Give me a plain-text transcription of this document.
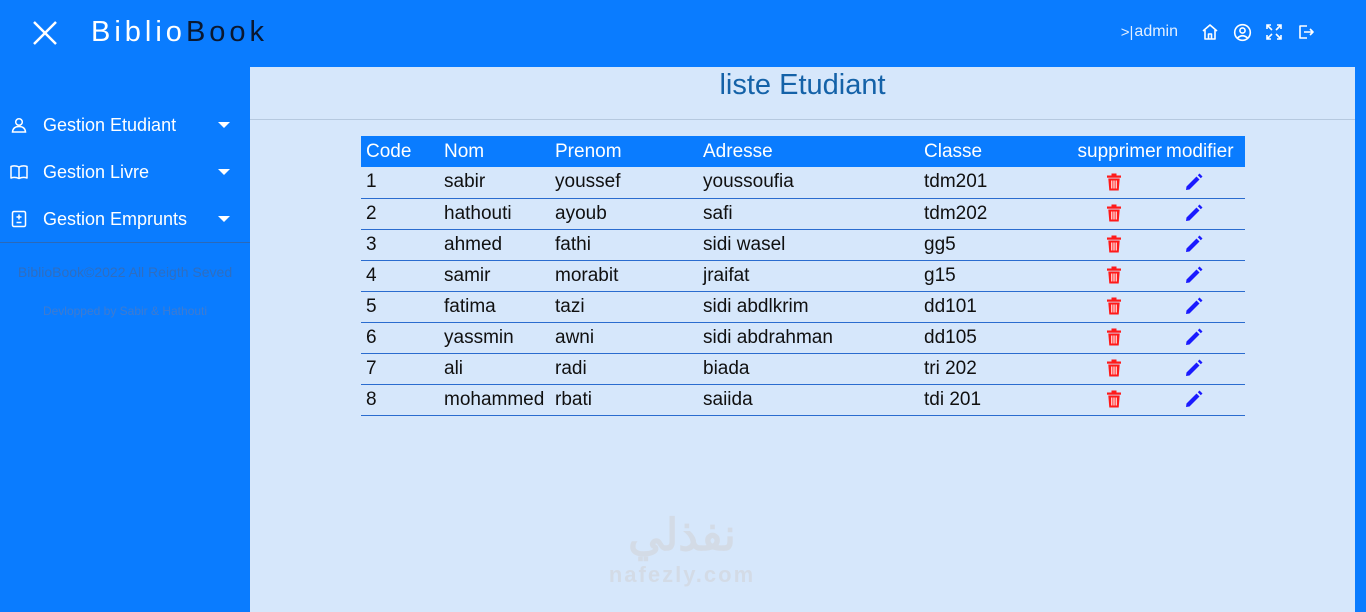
BiblioBook	>| admin
Gestion Etudiant
Gestion Livre
Gestion Emprunts
BiblioBook©2022 All Reigth Seved
Devlopped by Sabir & Hathouti
liste Etudiant
Code	Nom	Prenom	Adresse	Classe	supprimer	modifier
1	sabir	youssef	youssoufia	tdm201		
2	hathouti	ayoub	safi	tdm202		
3	ahmed	fathi	sidi wasel	gg5		
4	samir	morabit	jraifat	g15		
5	fatima	tazi	sidi abdlkrim	dd101		
6	yassmin	awni	sidi abdrahman	dd105		
7	ali	radi	biada	tri 202		
8	mohammed	rbati	saiida	tdi 201		
نفذلي
nafezly.com
